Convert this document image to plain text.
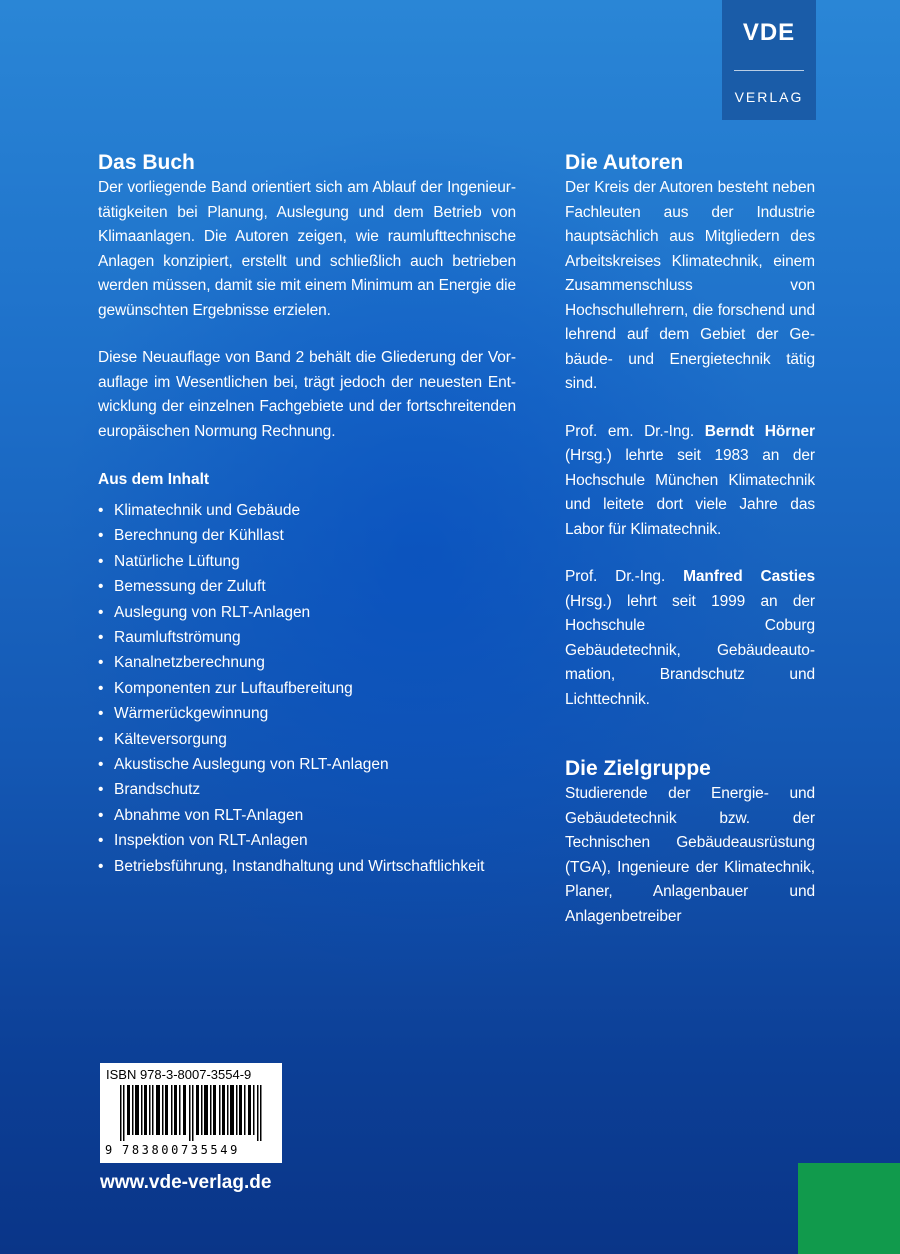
VDE
VERLAG
Das Buch

Der vorliegende Band orientiert sich am Ablauf der Ingenieurtätigkeiten bei Planung, Auslegung und dem Betrieb von Klimaanlagen. Die Autoren zeigen, wie raumlufttechnische Anlagen konzipiert, erstellt und schließlich auch betrieben werden müssen, damit sie mit einem Minimum an Energie die gewünschten Ergebnisse erzielen.

Diese Neuauflage von Band 2 behält die Gliederung der Vorauflage im Wesentlichen bei, trägt jedoch der neuesten Entwicklung der einzelnen Fachgebiete und der fortschreitenden europäischen Normung Rechnung.

Aus dem Inhalt
• Klimatechnik und Gebäude
• Berechnung der Kühllast
• Natürliche Lüftung
• Bemessung der Zuluft
• Auslegung von RLT-Anlagen
• Raumluftströmung
• Kanalnetzberechnung
• Komponenten zur Luftaufbereitung
• Wärmerückgewinnung
• Kälteversorgung
• Akustische Auslegung von RLT-Anlagen
• Brandschutz
• Abnahme von RLT-Anlagen
• Inspektion von RLT-Anlagen
• Betriebsführung, Instandhaltung und Wirtschaftlichkeit
Die Autoren

Der Kreis der Autoren besteht neben Fachleuten aus der Industrie hauptsächlich aus Mitgliedern des Arbeitskreises Klimatechnik, einem Zusammenschluss von Hochschullehrern, die forschend und lehrend auf dem Gebiet der Gebäude- und Energietechnik tätig sind.

Prof. em. Dr.-Ing. Berndt Hörner (Hrsg.) lehrte seit 1983 an der Hochschule München Klimatechnik und leitete dort viele Jahre das Labor für Klimatechnik.

Prof. Dr.-Ing. Manfred Casties (Hrsg.) lehrt seit 1999 an der Hochschule Coburg Gebäudetechnik, Gebäudeautomation, Brandschutz und Lichttechnik.

Die Zielgruppe

Studierende der Energie- und Gebäudetechnik bzw. der Technischen Gebäudeausrüstung (TGA), Ingenieure der Klimatechnik, Planer, Anlagenbauer und Anlagenbetreiber

ISBN 978-3-8007-3554-9
9 783800735549
www.vde-verlag.de
